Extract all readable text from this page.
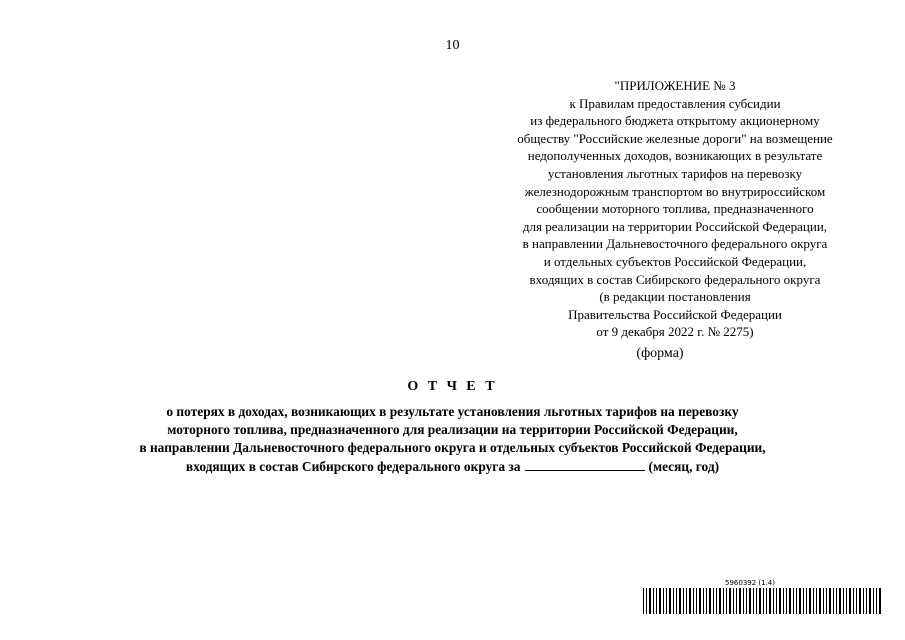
10
"ПРИЛОЖЕНИЕ № 3
к Правилам предоставления субсидии
из федерального бюджета открытому акционерному
обществу "Российские железные дороги" на возмещение
недополученных доходов, возникающих в результате
установления льготных тарифов на перевозку
железнодорожным транспортом во внутрироссийском
сообщении моторного топлива, предназначенного
для реализации на территории Российской Федерации,
в направлении Дальневосточного федерального округа
и отдельных субъектов Российской Федерации,
входящих в состав Сибирского федерального округа
(в редакции постановления
Правительства Российской Федерации
от 9 декабря 2022 г. № 2275)
(форма)
О Т Ч Е Т
о потерях в доходах, возникающих в результате установления льготных тарифов на перевозку
моторного топлива, предназначенного для реализации на территории Российской Федерации,
в направлении Дальневосточного федерального округа и отдельных субъектов Российской Федерации,
входящих в состав Сибирского федерального округа за	(месяц, год)
5960392 (1.4)
